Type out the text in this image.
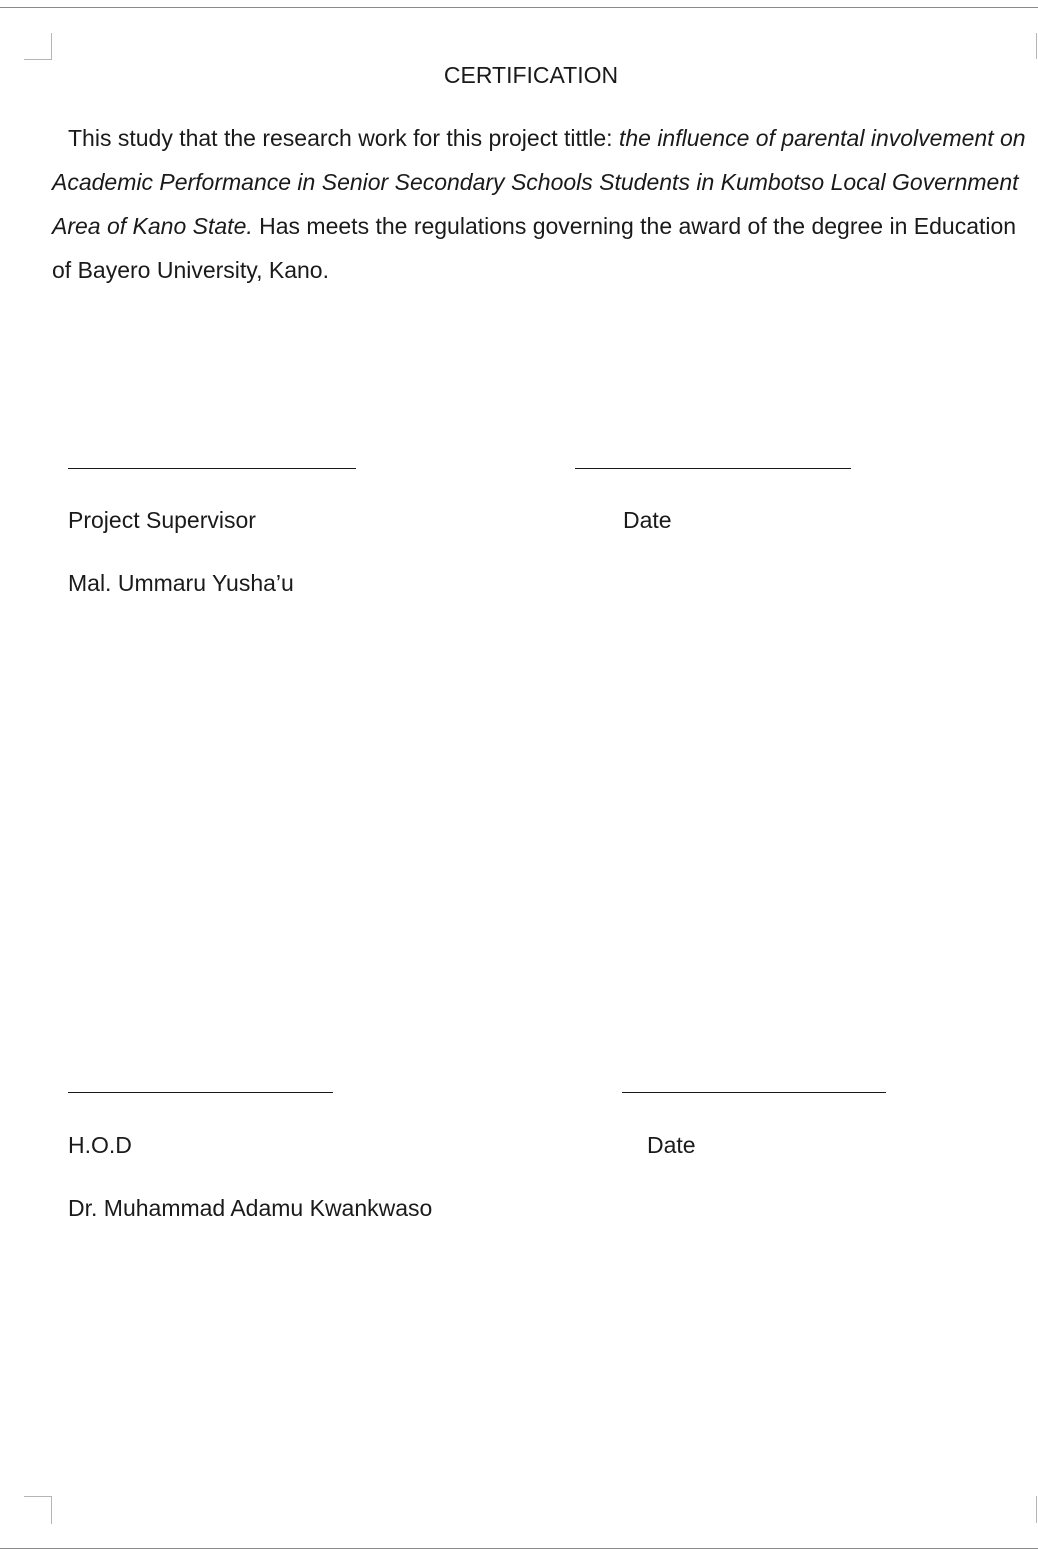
CERTIFICATION

This study that the research work for this project tittle: the influence of parental involvement on Academic Performance in Senior Secondary Schools Students in Kumbotso Local Government Area of Kano State. Has meets the regulations governing the award of the degree in Education of Bayero University, Kano.

Project Supervisor	Date
Mal. Ummaru Yusha’u
H.O.D	Date
Dr. Muhammad Adamu Kwankwaso
